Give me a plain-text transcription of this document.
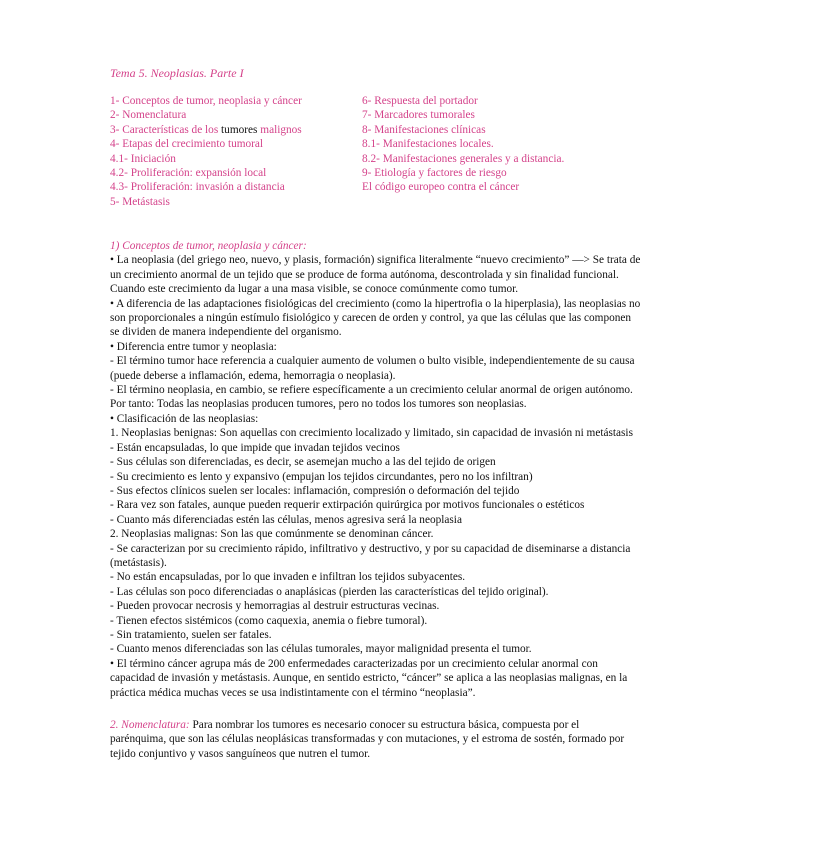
Tema 5. Neoplasias. Parte I
1- Conceptos de tumor, neoplasia y cáncer
2- Nomenclatura
3- Características de los tumores malignos
4- Etapas del crecimiento tumoral
4.1- Iniciación
4.2- Proliferación: expansión local
4.3- Proliferación: invasión a distancia
5- Metástasis
6- Respuesta del portador
7- Marcadores tumorales
8- Manifestaciones clínicas
8.1- Manifestaciones locales.
8.2- Manifestaciones generales y a distancia.
9- Etiología y factores de riesgo
El código europeo contra el cáncer
1) Conceptos de tumor, neoplasia y cáncer:
• La neoplasia (del griego neo, nuevo, y plasis, formación) significa literalmente “nuevo crecimiento” —> Se trata de
un crecimiento anormal de un tejido que se produce de forma autónoma, descontrolada y sin finalidad funcional.
Cuando este crecimiento da lugar a una masa visible, se conoce comúnmente como tumor.
• A diferencia de las adaptaciones fisiológicas del crecimiento (como la hipertrofia o la hiperplasia), las neoplasias no
son proporcionales a ningún estímulo fisiológico y carecen de orden y control, ya que las células que las componen
se dividen de manera independiente del organismo.
• Diferencia entre tumor y neoplasia:
- El término tumor hace referencia a cualquier aumento de volumen o bulto visible, independientemente de su causa
(puede deberse a inflamación, edema, hemorragia o neoplasia).
- El término neoplasia, en cambio, se refiere específicamente a un crecimiento celular anormal de origen autónomo.
Por tanto: Todas las neoplasias producen tumores, pero no todos los tumores son neoplasias.
• Clasificación de las neoplasias:
1. Neoplasias benignas: Son aquellas con crecimiento localizado y limitado, sin capacidad de invasión ni metástasis
- Están encapsuladas, lo que impide que invadan tejidos vecinos
- Sus células son diferenciadas, es decir, se asemejan mucho a las del tejido de origen
- Su crecimiento es lento y expansivo (empujan los tejidos circundantes, pero no los infiltran)
- Sus efectos clínicos suelen ser locales: inflamación, compresión o deformación del tejido
- Rara vez son fatales, aunque pueden requerir extirpación quirúrgica por motivos funcionales o estéticos
- Cuanto más diferenciadas estén las células, menos agresiva será la neoplasia
2. Neoplasias malignas: Son las que comúnmente se denominan cáncer.
- Se caracterizan por su crecimiento rápido, infiltrativo y destructivo, y por su capacidad de diseminarse a distancia
(metástasis).
- No están encapsuladas, por lo que invaden e infiltran los tejidos subyacentes.
- Las células son poco diferenciadas o anaplásicas (pierden las características del tejido original).
- Pueden provocar necrosis y hemorragias al destruir estructuras vecinas.
- Tienen efectos sistémicos (como caquexia, anemia o fiebre tumoral).
- Sin tratamiento, suelen ser fatales.
- Cuanto menos diferenciadas son las células tumorales, mayor malignidad presenta el tumor.
• El término cáncer agrupa más de 200 enfermedades caracterizadas por un crecimiento celular anormal con
capacidad de invasión y metástasis. Aunque, en sentido estricto, “cáncer” se aplica a las neoplasias malignas, en la
práctica médica muchas veces se usa indistintamente con el término “neoplasia”.
2. Nomenclatura: Para nombrar los tumores es necesario conocer su estructura básica, compuesta por el
parénquima, que son las células neoplásicas transformadas y con mutaciones, y el estroma de sostén, formado por
tejido conjuntivo y vasos sanguíneos que nutren el tumor.
